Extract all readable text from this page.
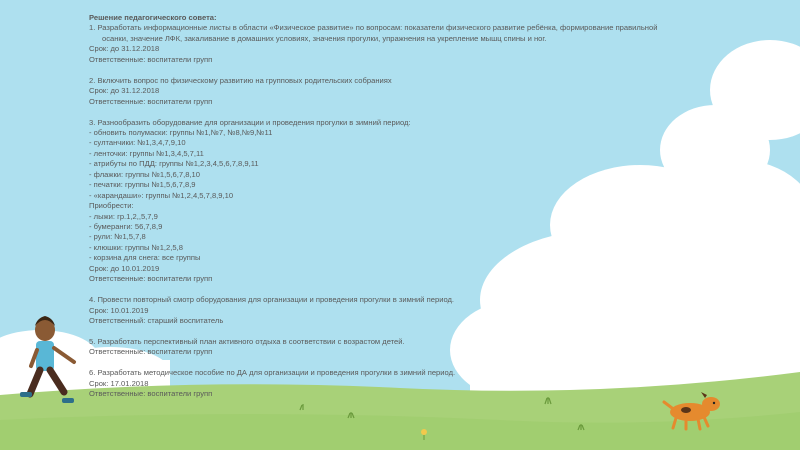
Решение педагогического совета:
1. Разработать информационные листы в области «Физическое развитие» по вопросам: показатели физического развитие ребёнка, формирование правильной
осанки, значение ЛФК, закаливание в домашних условиях, значения прогулки, упражнения на укрепление мышц спины и ног.
Срок: до 31.12.2018
Ответственные: воспитатели групп
2. Включить вопрос по физическому развитию на групповых родительских собраниях
Срок: до 31.12.2018
Ответственные: воспитатели групп
3. Разнообразить оборудование для организации и проведения прогулки в зимний период:
- обновить полумаски: группы №1,№7, №8,№9,№11
- султанчики: №1,3,4,7,9,10
- ленточки: группы №1,3,4,5,7,11
- атрибуты по ПДД: группы №1,2,3,4,5,6,7,8,9,11
- флажки: группы №1,5,6,7,8,10
- печатки: группы №1,5,6,7,8,9
- «карандаши»: группы №1,2,4,5,7,8,9,10
Приобрести:
- лыжи: гр.1,2,,5,7,9
- бумеранги: 56,7,8,9
- рули: №1,5,7,8
- клюшки: группы №1,2,5,8
- корзина для снега: все группы
Срок: до 10.01.2019
Ответственные: воспитатели групп
4. Провести повторный смотр оборудования для организации и проведения прогулки в зимний период.
Срок: 10.01.2019
Ответственный: старший воспитатель
5. Разработать перспективный план активного отдыха в соответствии с возрастом детей.
Ответственные: воспитатели групп
6. Разработать методическое пособие по ДА для организации и проведения прогулки в зимний период.
Срок: 17.01.2018
Ответственные: воспитатели групп
